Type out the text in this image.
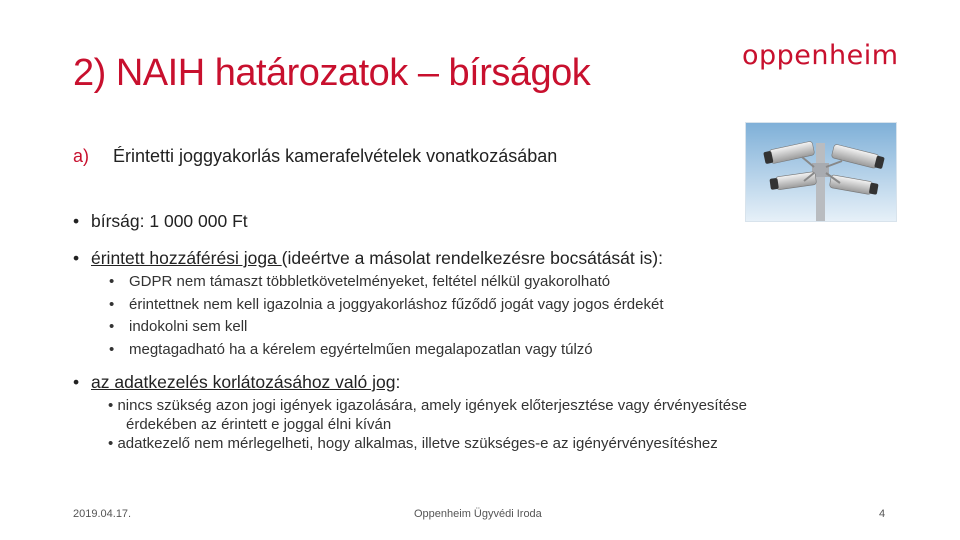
2) NAIH határozatok – bírságok	oppenheim
a) Érintetti joggyakorlás kamerafelvételek vonatkozásában
• bírság: 1 000 000 Ft
• érintett hozzáférési joga (ideértve a másolat rendelkezésre bocsátását is):
• GDPR nem támaszt többletkövetelményeket, feltétel nélkül gyakorolható
• érintettnek nem kell igazolnia a joggyakorláshoz fűződő jogát vagy jogos érdekét
• indokolni sem kell
• megtagadható ha a kérelem egyértelműen megalapozatlan vagy túlzó
• az adatkezelés korlátozásához való jog:
• nincs szükség azon jogi igények igazolására, amely igények előterjesztése vagy érvényesítése
érdekében az érintett e joggal élni kíván
• adatkezelő nem mérlegelheti, hogy alkalmas, illetve szükséges-e az igényérvényesítéshez
2019.04.17.	Oppenheim Ügyvédi Iroda	4
